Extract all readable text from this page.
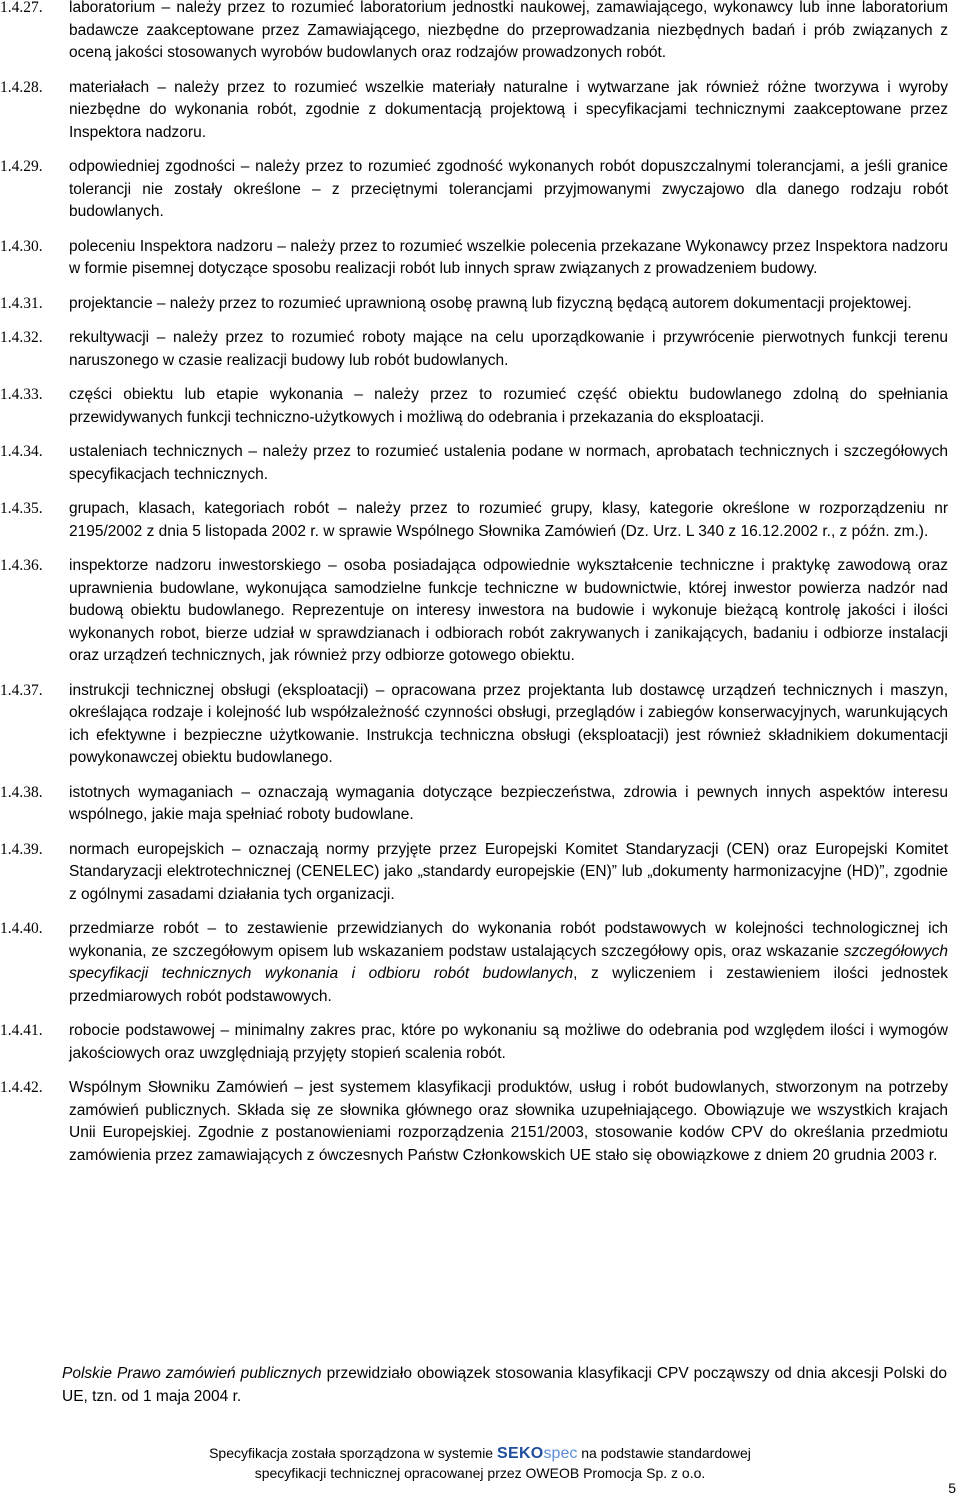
1.4.27.	laboratorium – należy przez to rozumieć laboratorium jednostki naukowej, zamawiającego, wykonawcy lub inne laboratorium badawcze zaakceptowane przez Zamawiającego, niezbędne do przeprowadzania niezbędnych badań i prób związanych z oceną jakości stosowanych wyrobów budowlanych oraz rodzajów prowadzonych robót.
1.4.28.	materiałach – należy przez to rozumieć wszelkie materiały naturalne i wytwarzane jak również różne tworzywa i wyroby niezbędne do wykonania robót, zgodnie z dokumentacją projektową i specyfikacjami technicznymi zaakceptowane przez Inspektora nadzoru.
1.4.29.	odpowiedniej zgodności – należy przez to rozumieć zgodność wykonanych robót dopuszczalnymi tolerancjami, a jeśli granice tolerancji nie zostały określone – z przeciętnymi tolerancjami przyjmowanymi zwyczajowo dla danego rodzaju robót budowlanych.
1.4.30.	poleceniu Inspektora nadzoru – należy przez to rozumieć wszelkie polecenia przekazane Wykonawcy przez Inspektora nadzoru w formie pisemnej dotyczące sposobu realizacji robót lub innych spraw związanych z prowadzeniem budowy.
1.4.31.	projektancie – należy przez to rozumieć uprawnioną osobę prawną lub fizyczną będącą autorem dokumentacji projektowej.
1.4.32.	rekultywacji – należy przez to rozumieć roboty mające na celu uporządkowanie i przywrócenie pierwotnych funkcji terenu naruszonego w czasie realizacji budowy lub robót budowlanych.
1.4.33.	części obiektu lub etapie wykonania – należy przez to rozumieć część obiektu budowlanego zdolną do spełniania przewidywanych funkcji techniczno-użytkowych i możliwą do odebrania i przekazania do eksploatacji.
1.4.34.	ustaleniach technicznych – należy przez to rozumieć ustalenia podane w normach, aprobatach technicznych i szczegółowych specyfikacjach technicznych.
1.4.35.	grupach, klasach, kategoriach robót – należy przez to rozumieć grupy, klasy, kategorie określone w rozporządzeniu nr 2195/2002 z dnia 5 listopada 2002 r. w sprawie Wspólnego Słownika Zamówień (Dz. Urz. L 340 z 16.12.2002 r., z późn. zm.).
1.4.36.	inspektorze nadzoru inwestorskiego – osoba posiadająca odpowiednie wykształcenie techniczne i praktykę zawodową oraz uprawnienia budowlane, wykonująca samodzielne funkcje techniczne w budownictwie, której inwestor powierza nadzór nad budową obiektu budowlanego. Reprezentuje on interesy inwestora na budowie i wykonuje bieżącą kontrolę jakości i ilości wykonanych robot, bierze udział w sprawdzianach i odbiorach robót zakrywanych i zanikających, badaniu i odbiorze instalacji oraz urządzeń technicznych, jak również przy odbiorze gotowego obiektu.
1.4.37.	instrukcji technicznej obsługi (eksploatacji) – opracowana przez projektanta lub dostawcę urządzeń technicznych i maszyn, określająca rodzaje i kolejność lub współzależność czynności obsługi, przeglądów i zabiegów konserwacyjnych, warunkujących ich efektywne i bezpieczne użytkowanie. Instrukcja techniczna obsługi (eksploatacji) jest również składnikiem dokumentacji powykonawczej obiektu budowlanego.
1.4.38.	istotnych wymaganiach – oznaczają wymagania dotyczące bezpieczeństwa, zdrowia i pewnych innych aspektów interesu wspólnego, jakie maja spełniać roboty budowlane.
1.4.39.	normach europejskich – oznaczają normy przyjęte przez Europejski Komitet Standaryzacji (CEN) oraz Europejski Komitet Standaryzacji elektrotechnicznej (CENELEC) jako „standardy europejskie (EN)” lub „dokumenty harmonizacyjne (HD)”, zgodnie z ogólnymi zasadami działania tych organizacji.
1.4.40.	przedmiarze robót – to zestawienie przewidzianych do wykonania robót podstawowych w kolejności technologicznej ich wykonania, ze szczegółowym opisem lub wskazaniem podstaw ustalających szczegółowy opis, oraz wskazanie szczegółowych specyfikacji technicznych wykonania i odbioru robót budowlanych, z wyliczeniem i zestawieniem ilości jednostek przedmiarowych robót podstawowych.
1.4.41.	robocie podstawowej – minimalny zakres prac, które po wykonaniu są możliwe do odebrania pod względem ilości i wymogów jakościowych oraz uwzględniają przyjęty stopień scalenia robót.
1.4.42.	Wspólnym Słowniku Zamówień – jest systemem klasyfikacji produktów, usług i robót budowlanych, stworzonym na potrzeby zamówień publicznych. Składa się ze słownika głównego oraz słownika uzupełniającego. Obowiązuje we wszystkich krajach Unii Europejskiej. Zgodnie z postanowieniami rozporządzenia 2151/2003, stosowanie kodów CPV do określania przedmiotu zamówienia przez zamawiających z ówczesnych Państw Członkowskich UE stało się obowiązkowe z dniem 20 grudnia 2003 r.
Polskie Prawo zamówień publicznych przewidziało obowiązek stosowania klasyfikacji CPV począwszy od dnia akcesji Polski do UE, tzn. od 1 maja 2004 r.
Specyfikacja została sporządzona w systemie SEKOspec na podstawie standardowej
specyfikacji technicznej opracowanej przez OWEOB Promocja Sp. z o.o.
5
